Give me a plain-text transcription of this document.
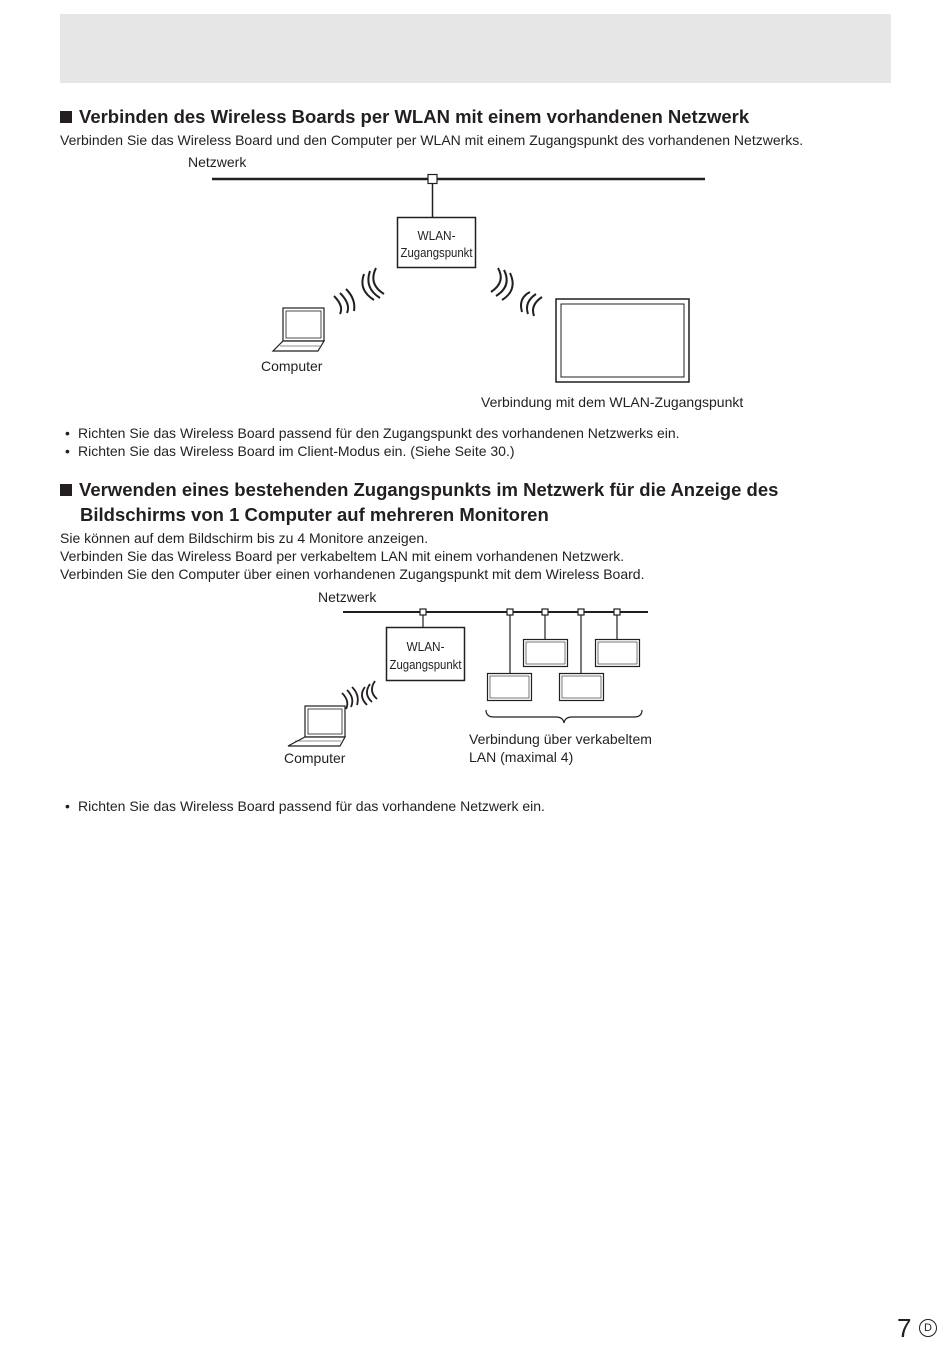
Verbinden des Wireless Boards per WLAN mit einem vorhandenen Netzwerk

Verbinden Sie das Wireless Board und den Computer per WLAN mit einem Zugangspunkt des vorhandenen Netzwerks.

Netzwerk
WLAN-
Zugangspunkt
Computer
Verbindung mit dem WLAN-Zugangspunkt
Netzwerk
WLAN-
Zugangspunkt
Verbindung über verkabeltem
LAN (maximal 4)
Computer
• Richten Sie das Wireless Board passend für den Zugangspunkt des vorhandenen Netzwerks ein.
• Richten Sie das Wireless Board im Client-Modus ein. (Siehe Seite 30.)
Verwenden eines bestehenden Zugangspunkts im Netzwerk für die Anzeige des
Bildschirms von 1 Computer auf mehreren Monitoren

Sie können auf dem Bildschirm bis zu 4 Monitore anzeigen.

Verbinden Sie das Wireless Board per verkabeltem LAN mit einem vorhandenen Netzwerk.

Verbinden Sie den Computer über einen vorhandenen Zugangspunkt mit dem Wireless Board.

• Richten Sie das Wireless Board passend für das vorhandene Netzwerk ein.
7	D
